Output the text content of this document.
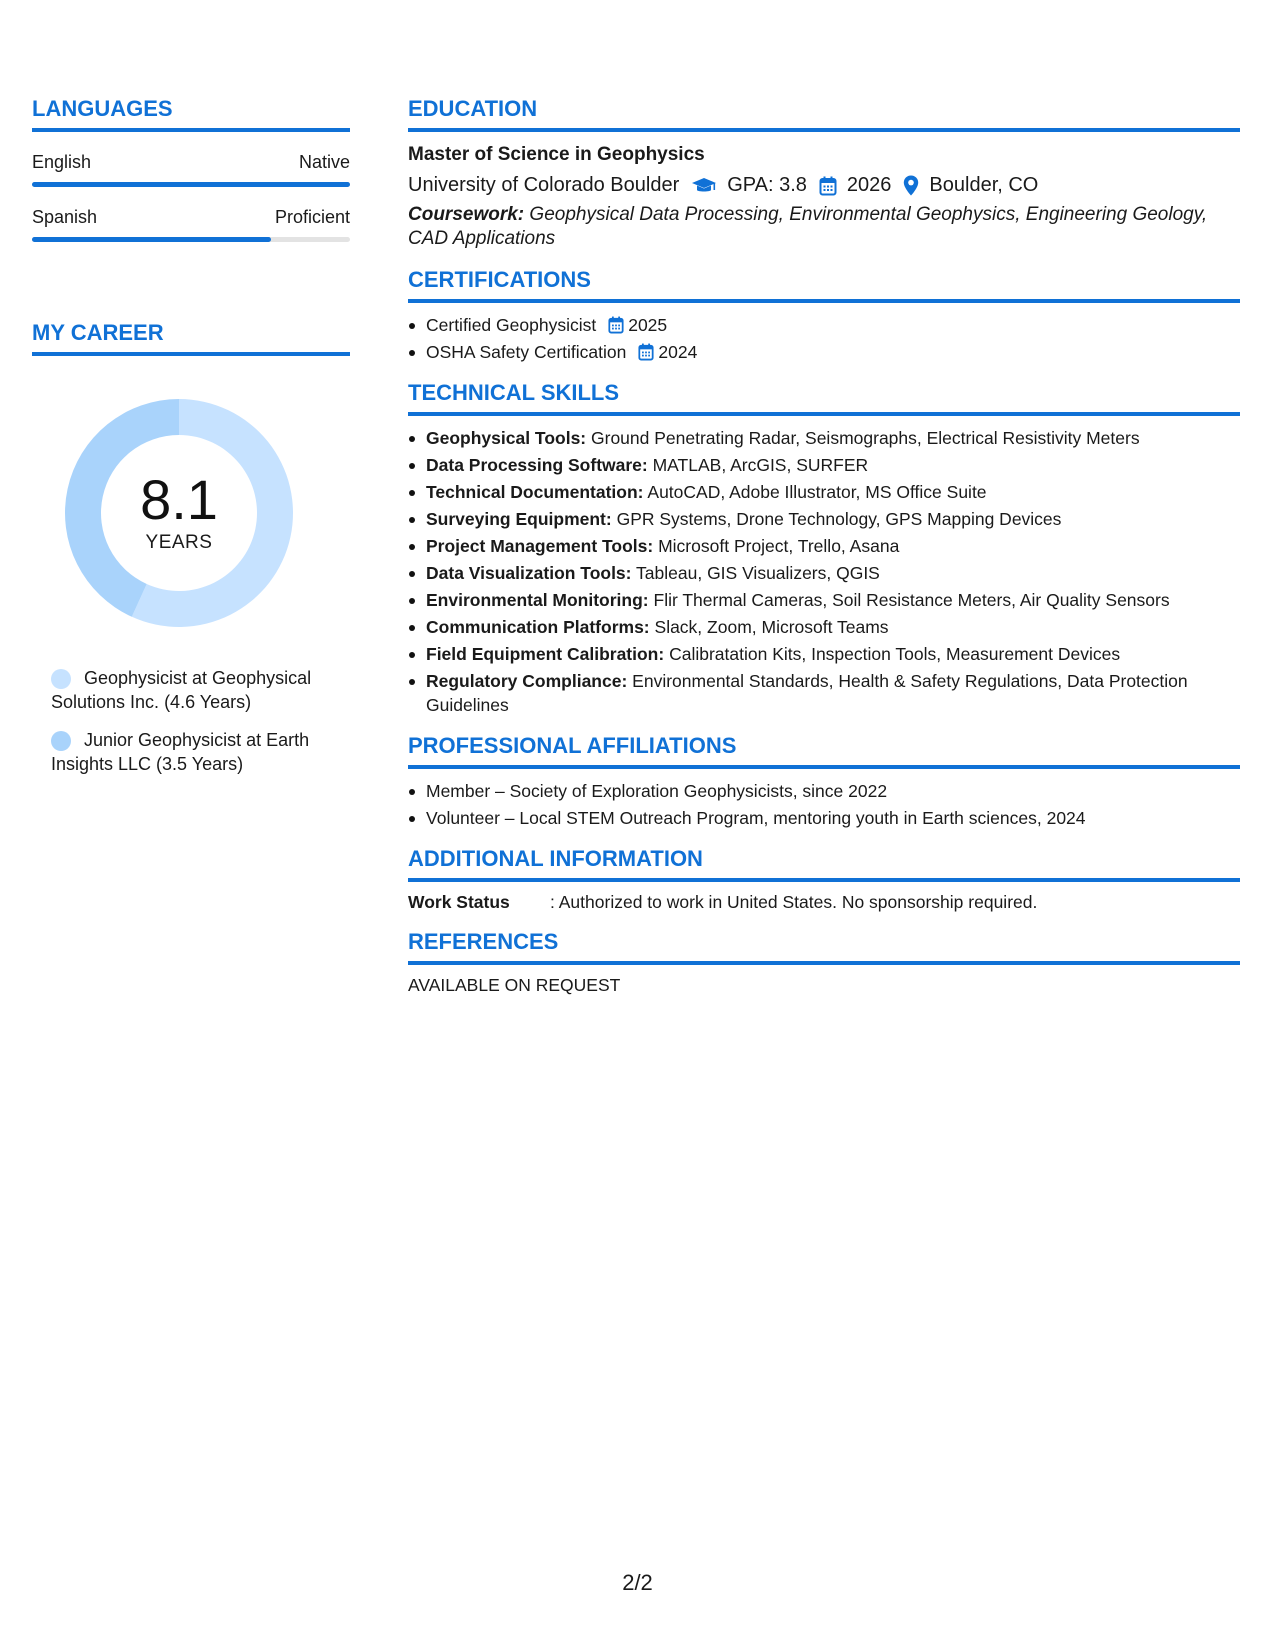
LANGUAGES
English	Native
Spanish	Proficient
MY CAREER
8.1
YEARS
Geophysicist at Geophysical Solutions Inc. (4.6 Years)
Junior Geophysicist at Earth Insights LLC (3.5 Years)
EDUCATION
Master of Science in Geophysics
University of Colorado Boulder GPA: 3.8 2026 Boulder, CO
Coursework: Geophysical Data Processing, Environmental Geophysics, Engineering Geology, CAD Applications
CERTIFICATIONS
Certified Geophysicist 2025
OSHA Safety Certification 2024
TECHNICAL SKILLS
Geophysical Tools: Ground Penetrating Radar, Seismographs, Electrical Resistivity Meters
Data Processing Software: MATLAB, ArcGIS, SURFER
Technical Documentation: AutoCAD, Adobe Illustrator, MS Office Suite
Surveying Equipment: GPR Systems, Drone Technology, GPS Mapping Devices
Project Management Tools: Microsoft Project, Trello, Asana
Data Visualization Tools: Tableau, GIS Visualizers, QGIS
Environmental Monitoring: Flir Thermal Cameras, Soil Resistance Meters, Air Quality Sensors
Communication Platforms: Slack, Zoom, Microsoft Teams
Field Equipment Calibration: Calibratation Kits, Inspection Tools, Measurement Devices
Regulatory Compliance: Environmental Standards, Health & Safety Regulations, Data Protection Guidelines
PROFESSIONAL AFFILIATIONS
Member – Society of Exploration Geophysicists, since 2022
Volunteer – Local STEM Outreach Program, mentoring youth in Earth sciences, 2024
ADDITIONAL INFORMATION
Work Status	: Authorized to work in United States. No sponsorship required.
REFERENCES
AVAILABLE ON REQUEST
2/2
